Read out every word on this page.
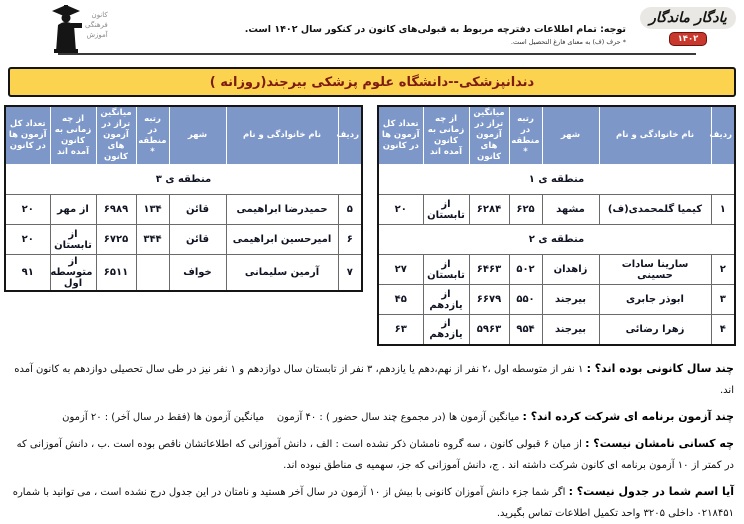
کانون
فرهنگی
آموزش	توجه: تمام اطلاعات دفترچه مربوط به قبولی‌های کانون در کنکور سال ۱۴۰۲ است.
* حرف (ف) به معنای فارغ التحصیل است.
یادگار ماندگار
۱۴۰۲
دندانپزشکی--دانشگاه علوم پزشکی بیرجند(روزانه )
ردیف	نام خانوادگی و نام	شهر	رتبه در منطقه *	میانگین تراز در آزمون های کانون	از چه زمانی به کانون آمده اند	تعداد کل آزمون ها در کانون
منطقه ی ۱						
۱	کیمیا گلمحمدی(ف)	مشهد	۶۲۵	۶۲۸۴	از تابستان	۲۰
منطقه ی ۲						
۲	سارینا سادات حسینی	زاهدان	۵۰۲	۶۴۶۳	از تابستان	۲۷
۳	ابوذر جابری	بیرجند	۵۵۰	۶۶۷۹	از یازدهم	۴۵
۴	زهرا رضائی	بیرجند	۹۵۴	۵۹۶۳	از یازدهم	۶۳
ردیف	نام خانوادگی و نام	شهر	رتبه در منطقه *	میانگین تراز در آزمون های کانون	از چه زمانی به کانون آمده اند	تعداد کل آزمون ها در کانون
منطقه ی ۳						
۵	حمیدرضا ابراهیمی	قائن	۱۳۴	۶۹۸۹	از مهر	۲۰
۶	امیرحسین ابراهیمی	قائن	۳۴۴	۶۷۲۵	از تابستان	۲۰
۷	آرمین سلیمانی	خواف		۶۵۱۱	از متوسطه اول	۹۱

چند سال کانونی بوده اند؟ : ۱ نفر از متوسطه اول ،۲ نفر از نهم،دهم یا یازدهم، ۳ نفر از تابستان سال دوازدهم و ۱ نفر نیز در طی سال تحصیلی دوازدهم به کانون آمده اند.

چند آزمون برنامه ای شرکت کرده اند؟ : میانگین آزمون ها (در مجموع چند سال حضور ) : ۴۰ آزمون    میانگین آزمون ها (فقط در سال آخر) : ۲۰ آزمون

چه کسانی نامشان نیست؟ : از میان ۶ قبولی کانون ، سه گروه نامشان ذکر نشده است : الف ، دانش آموزانی که اطلاعاتشان ناقص بوده است .ب ، دانش آموزانی که در کمتر از ۱۰ آزمون برنامه ای کانون شرکت داشته اند . ج، دانش آموزانی که جز، سهمیه ی مناطق نبوده اند.

آیا اسم شما در جدول نیست؟ : اگر شما جزء دانش آموزان کانونی با بیش از ۱۰ آزمون در سال آخر هستید و نامتان در این جدول درج نشده است ، می توانید با شماره ۰۲۱۸۴۵۱ داخلی ۳۲۰۵ واحد تکمیل اطلاعات تماس بگیرید.
